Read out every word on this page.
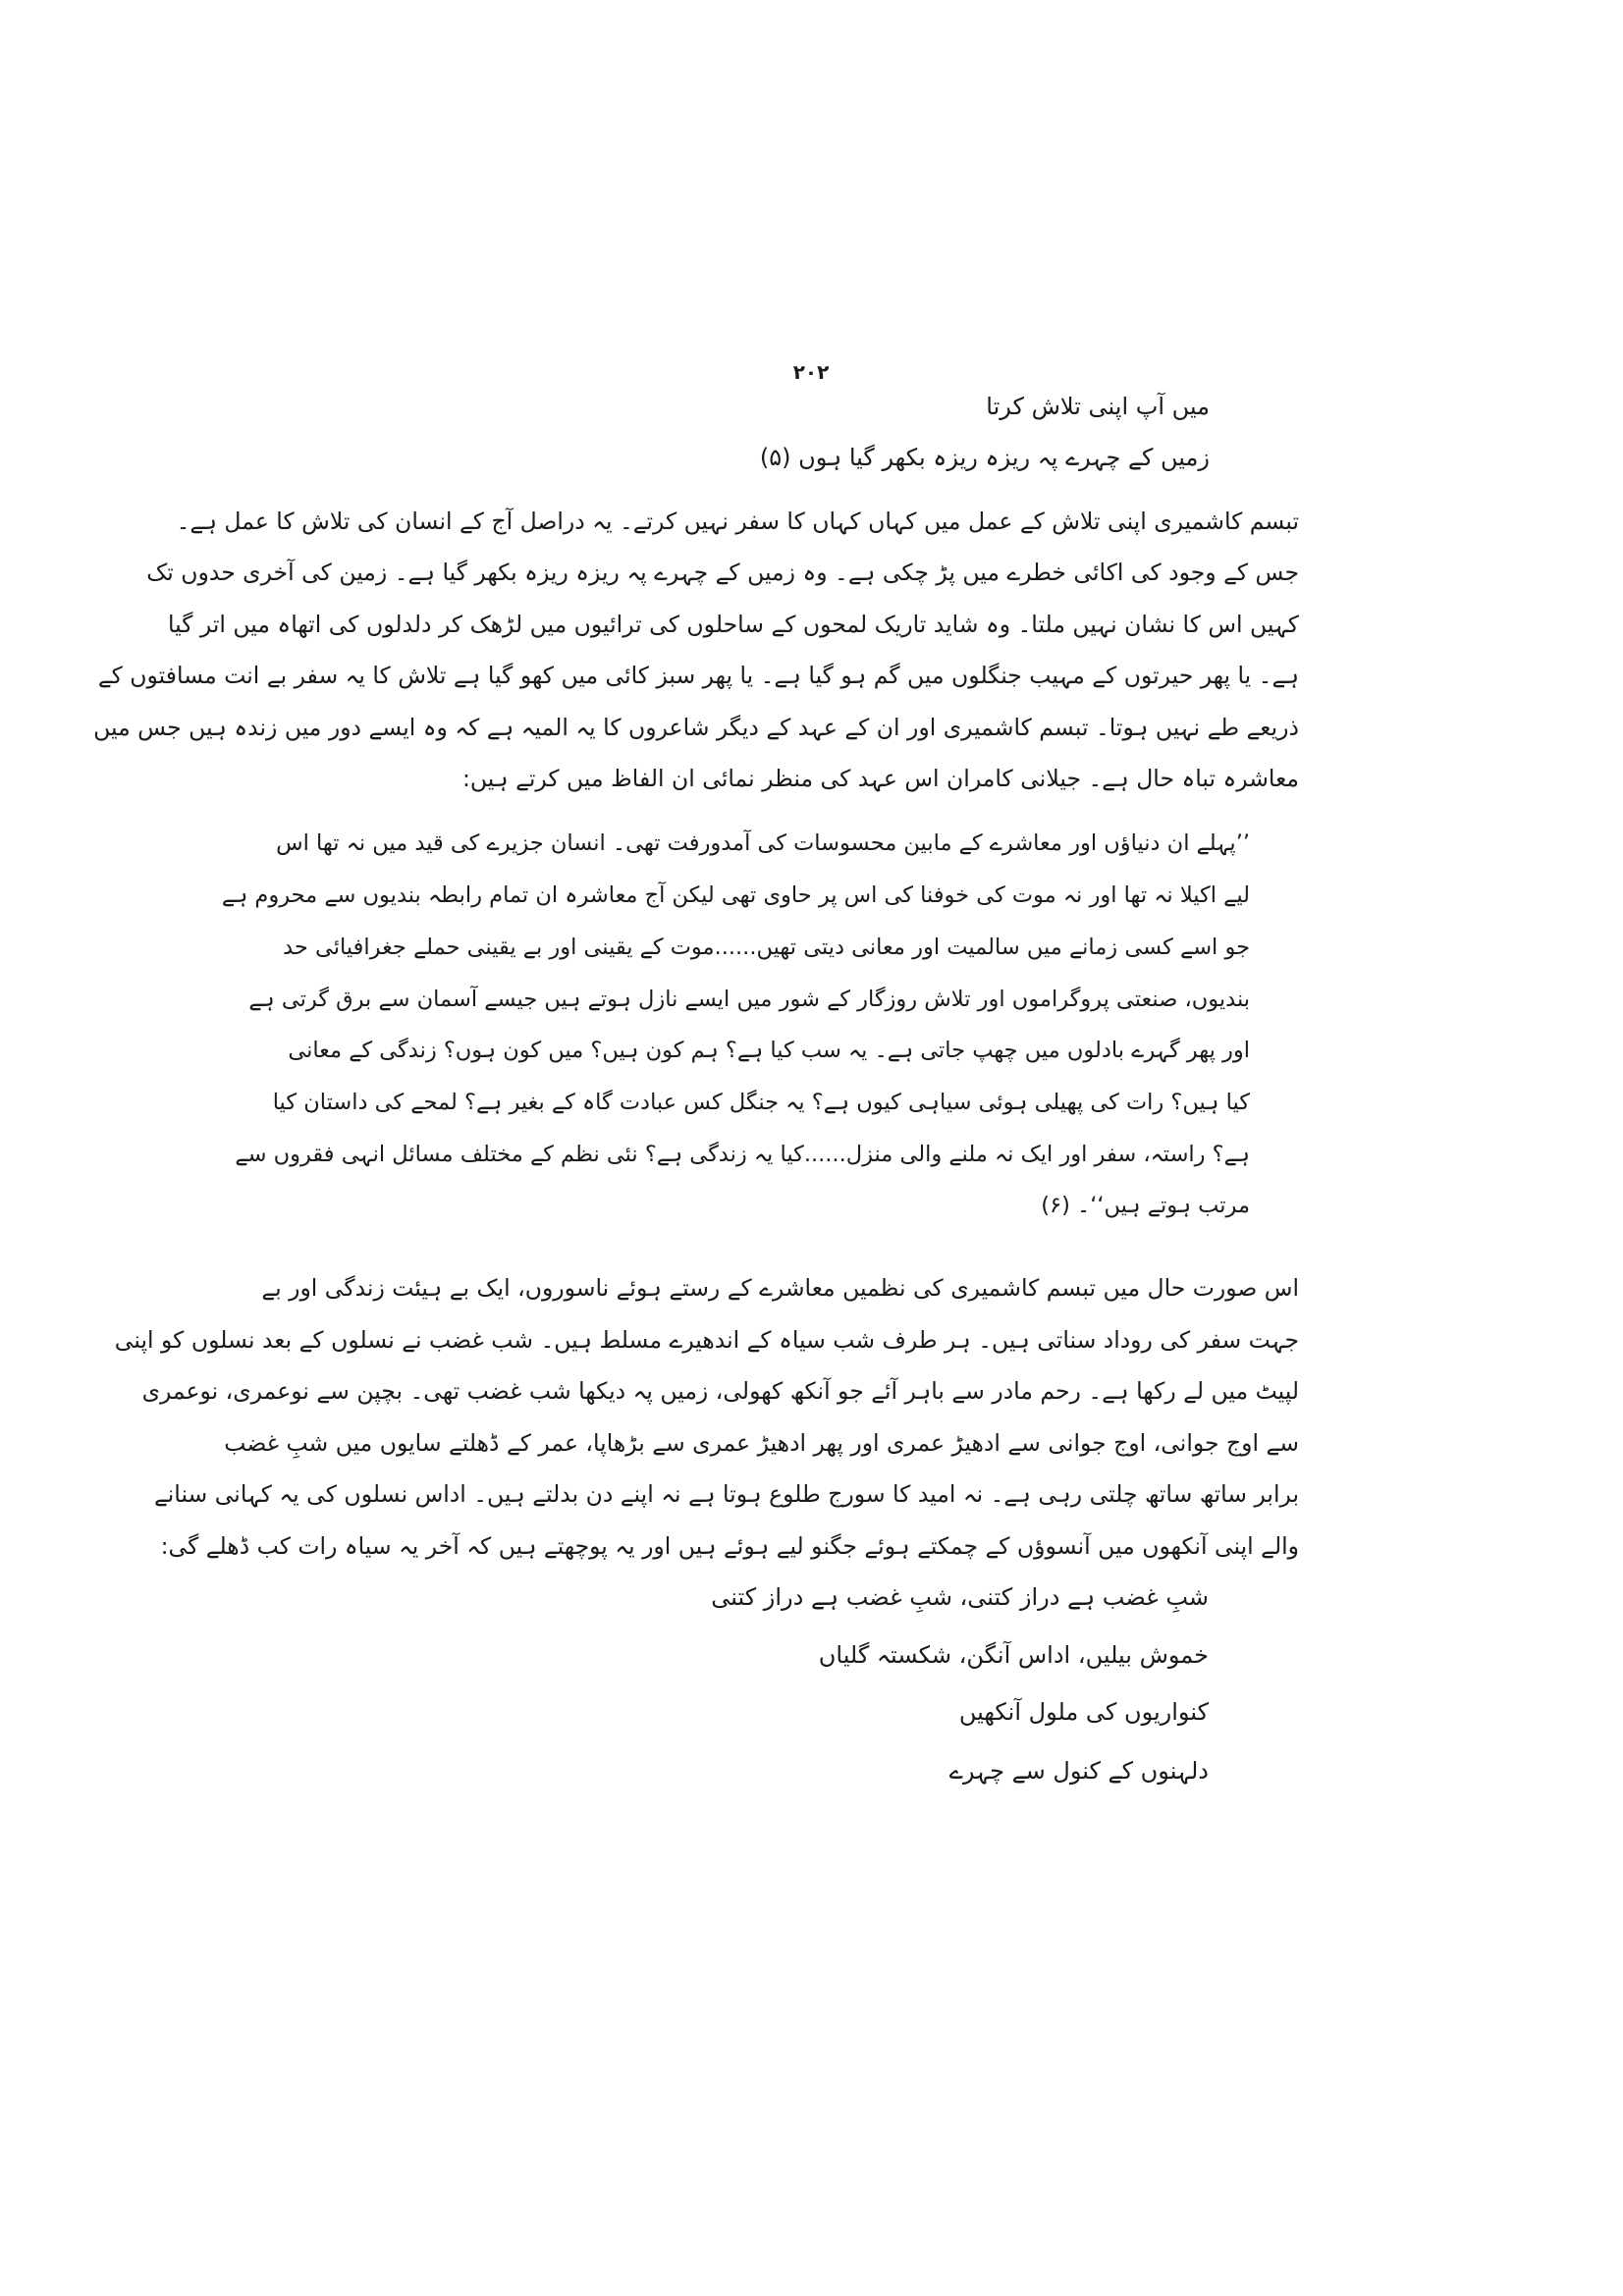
۲۰۲
میں آپ اپنی تلاش کرتا
زمیں کے چہرے پہ ریزہ ریزہ بکھر گیا ہوں (۵)
تبسم کاشمیری اپنی تلاش کے عمل میں کہاں کہاں کا سفر نہیں کرتے۔ یہ دراصل آج کے انسان کی تلاش کا عمل ہے۔
جس کے وجود کی اکائی خطرے میں پڑ چکی ہے۔ وہ زمیں کے چہرے پہ ریزہ ریزہ بکھر گیا ہے۔ زمین کی آخری حدوں تک
کہیں اس کا نشان نہیں ملتا۔ وہ شاید تاریک لمحوں کے ساحلوں کی ترائیوں میں لڑھک کر دلدلوں کی اتھاہ میں اتر گیا
ہے۔ یا پھر حیرتوں کے مہیب جنگلوں میں گم ہو گیا ہے۔ یا پھر سبز کائی میں کھو گیا ہے تلاش کا یہ سفر بے انت مسافتوں کے
ذریعے طے نہیں ہوتا۔ تبسم کاشمیری اور ان کے عہد کے دیگر شاعروں کا یہ المیہ ہے کہ وہ ایسے دور میں زندہ ہیں جس میں
معاشرہ تباہ حال ہے۔ جیلانی کامران اس عہد کی منظر نمائی ان الفاظ میں کرتے ہیں:
’’پہلے ان دنیاؤں اور معاشرے کے مابین محسوسات کی آمدورفت تھی۔ انسان جزیرے کی قید میں نہ تھا اس
لیے اکیلا نہ تھا اور نہ موت کی خوفنا کی اس پر حاوی تھی لیکن آج معاشرہ ان تمام رابطہ بندیوں سے محروم ہے
جو اسے کسی زمانے میں سالمیت اور معانی دیتی تھیں......موت کے یقینی اور بے یقینی حملے جغرافیائی حد
بندیوں، صنعتی پروگراموں اور تلاش روزگار کے شور میں ایسے نازل ہوتے ہیں جیسے آسمان سے برق گرتی ہے
اور پھر گہرے بادلوں میں چھپ جاتی ہے۔ یہ سب کیا ہے؟ ہم کون ہیں؟ میں کون ہوں؟ زندگی کے معانی
کیا ہیں؟ رات کی پھیلی ہوئی سیاہی کیوں ہے؟ یہ جنگل کس عبادت گاہ کے بغیر ہے؟ لمحے کی داستان کیا
ہے؟ راستہ، سفر اور ایک نہ ملنے والی منزل......کیا یہ زندگی ہے؟ نئی نظم کے مختلف مسائل انہی فقروں سے
مرتب ہوتے ہیں‘‘۔ (۶)
اس صورت حال میں تبسم کاشمیری کی نظمیں معاشرے کے رستے ہوئے ناسوروں، ایک بے ہیئت زندگی اور بے
جہت سفر کی روداد سناتی ہیں۔ ہر طرف شب سیاہ کے اندھیرے مسلط ہیں۔ شب غضب نے نسلوں کے بعد نسلوں کو اپنی
لپیٹ میں لے رکھا ہے۔ رحم مادر سے باہر آئے جو آنکھ کھولی، زمیں پہ دیکھا شب غضب تھی۔ بچپن سے نوعمری، نوعمری
سے اوج جوانی، اوج جوانی سے ادھیڑ عمری اور پھر ادھیڑ عمری سے بڑھاپا، عمر کے ڈھلتے سایوں میں شبِ غضب
برابر ساتھ ساتھ چلتی رہی ہے۔ نہ امید کا سورج طلوع ہوتا ہے نہ اپنے دن بدلتے ہیں۔ اداس نسلوں کی یہ کہانی سنانے
والے اپنی آنکھوں میں آنسوؤں کے چمکتے ہوئے جگنو لیے ہوئے ہیں اور یہ پوچھتے ہیں کہ آخر یہ سیاہ رات کب ڈھلے گی:
شبِ غضب ہے دراز کتنی، شبِ غضب ہے دراز کتنی
خموش بیلیں، اداس آنگن، شکستہ گلیاں
کنواریوں کی ملول آنکھیں
دلہنوں کے کنول سے چہرے
